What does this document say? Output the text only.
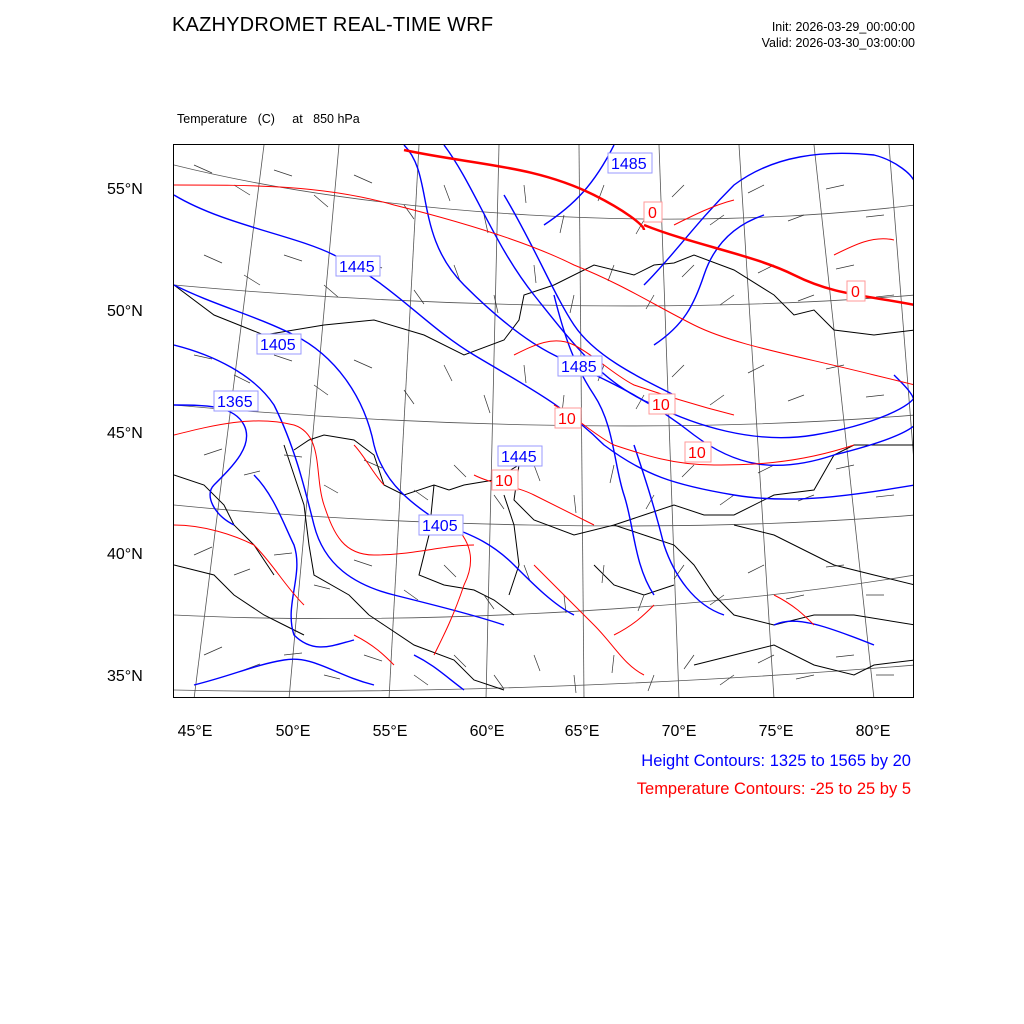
KAZHYDROMET REAL-TIME WRF	Init: 2026-03-29_00:00:00
Valid: 2026-03-30_03:00:00

Temperature   (C)     at   850 hPa

1485
1445
1405
1365
1485
1445
1405
0
0
10
10
10
10
55°N
50°N
45°N
40°N
35°N
45°E	50°E	55°E	60°E	65°E	70°E	75°E	80°E
Height Contours: 1325 to 1565 by 20
Temperature Contours: -25 to 25 by 5
